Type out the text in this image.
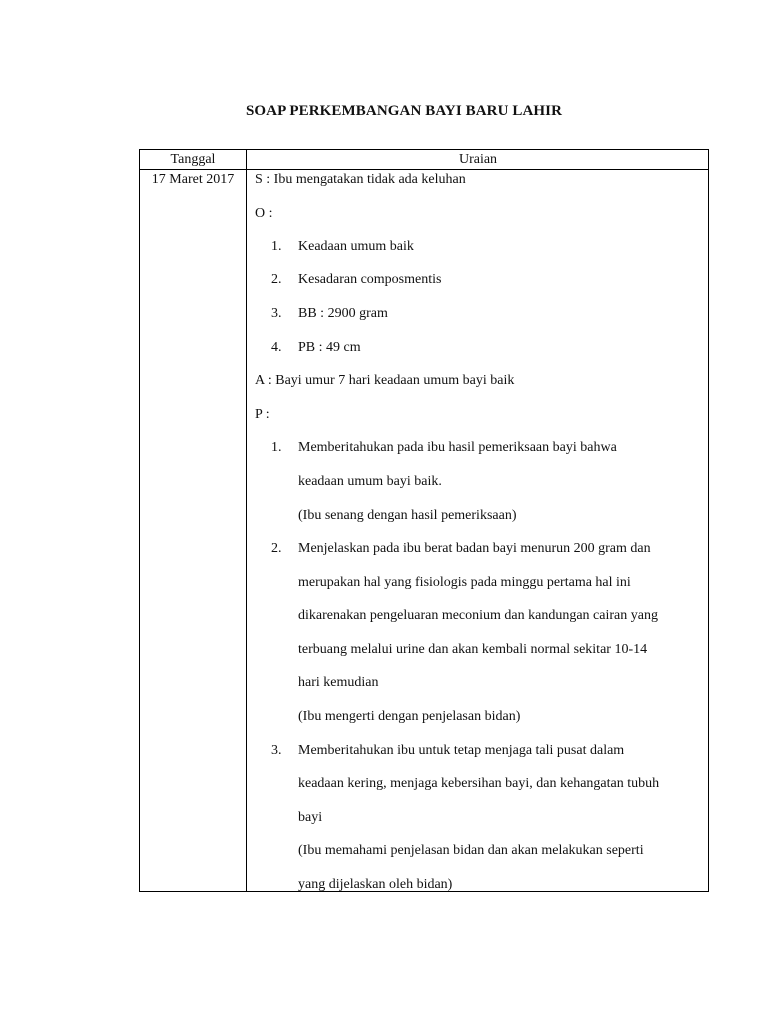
SOAP PERKEMBANGAN BAYI BARU LAHIR
Tanggal	Uraian
17 Maret 2017	S : Ibu mengatakan tidak ada keluhan
O :
1. Keadaan umum baik
2. Kesadaran composmentis
3. BB : 2900 gram
4. PB : 49 cm
A : Bayi umur 7 hari keadaan umum bayi baik
P :
1. Memberitahukan pada ibu hasil pemeriksaan bayi bahwa
keadaan umum bayi baik.
(Ibu senang dengan hasil pemeriksaan)
2. Menjelaskan pada ibu berat badan bayi menurun 200 gram dan
merupakan hal yang fisiologis pada minggu pertama hal ini
dikarenakan pengeluaran meconium dan kandungan cairan yang
terbuang melalui urine dan akan kembali normal sekitar 10-14
hari kemudian
(Ibu mengerti dengan penjelasan bidan)
3. Memberitahukan ibu untuk tetap menjaga tali pusat dalam
keadaan kering, menjaga kebersihan bayi, dan kehangatan tubuh
bayi
(Ibu memahami penjelasan bidan dan akan melakukan seperti
yang dijelaskan oleh bidan)
